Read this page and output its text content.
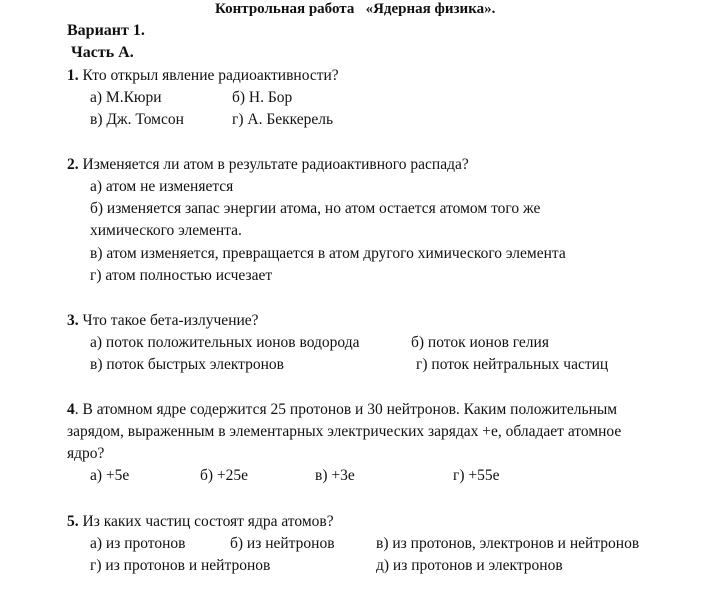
Контрольная работа   «Ядерная физика».
Вариант 1.
Часть А.
1. Кто открыл явление радиоактивности?
а) М.Кюри	б) Н. Бор
в) Дж. Томсон	г) А. Беккерель
2. Изменяется ли атом в результате радиоактивного распада?
а) атом не изменяется
б) изменяется запас энергии атома, но атом остается атомом того же
химического элемента.
в) атом изменяется, превращается в атом другого химического элемента
г) атом полностью исчезает
3. Что такое бета-излучение?
а) поток положительных ионов водорода	б) поток ионов гелия
в) поток быстрых электронов	г) поток нейтральных частиц
4. В атомном ядре содержится 25 протонов и 30 нейтронов. Каким положительным
зарядом, выраженным в элементарных электрических зарядах +е, обладает атомное
ядро?
а) +5е	б) +25е	в) +3е	г) +55е
5. Из каких частиц состоят ядра атомов?
а) из протонов	б) из нейтронов	в) из протонов, электронов и нейтронов
г) из протонов и нейтронов	д) из протонов и электронов
